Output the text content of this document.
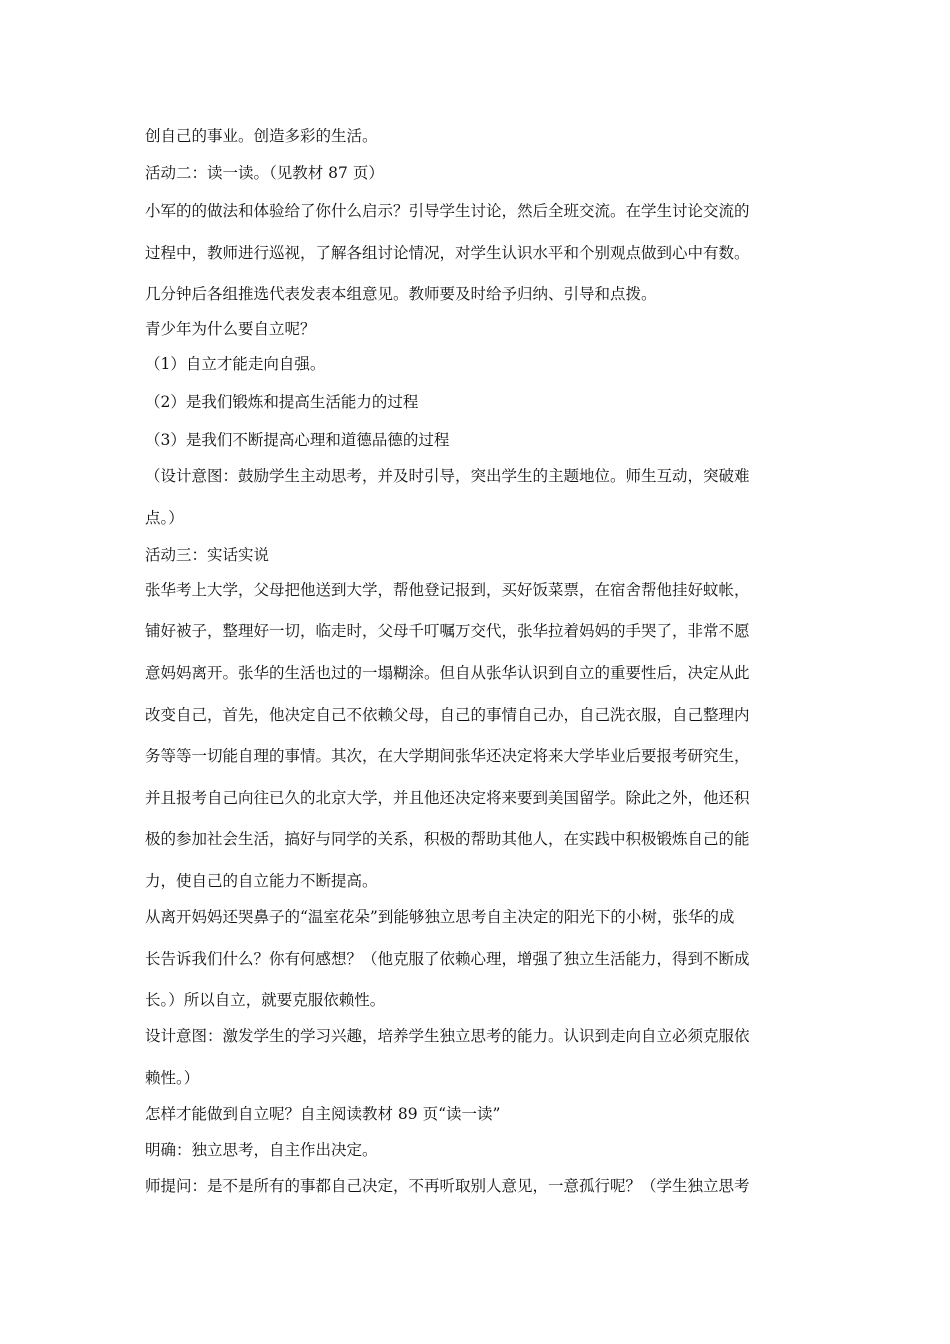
创自己的事业。创造多彩的生活。
活动二：读一读。（见教材 87 页）
小军的的做法和体验给了你什么启示？引导学生讨论，然后全班交流。在学生讨论交流的
过程中，教师进行巡视，了解各组讨论情况，对学生认识水平和个别观点做到心中有数。
几分钟后各组推选代表发表本组意见。教师要及时给予归纳、引导和点拨。
青少年为什么要自立呢？
（1）自立才能走向自强。
（2）是我们锻炼和提高生活能力的过程
（3）是我们不断提高心理和道德品德的过程
（设计意图：鼓励学生主动思考，并及时引导，突出学生的主题地位。师生互动，突破难
点。）
活动三：实话实说
张华考上大学，父母把他送到大学，帮他登记报到，买好饭菜票，在宿舍帮他挂好蚊帐，
铺好被子，整理好一切，临走时，父母千叮嘱万交代，张华拉着妈妈的手哭了，非常不愿
意妈妈离开。张华的生活也过的一塌糊涂。但自从张华认识到自立的重要性后，决定从此
改变自己，首先，他决定自己不依赖父母，自己的事情自己办，自己洗衣服，自己整理内
务等等一切能自理的事情。其次，在大学期间张华还决定将来大学毕业后要报考研究生，
并且报考自己向往已久的北京大学，并且他还决定将来要到美国留学。除此之外，他还积
极的参加社会生活，搞好与同学的关系，积极的帮助其他人，在实践中积极锻炼自己的能
力，使自己的自立能力不断提高。
从离开妈妈还哭鼻子的“温室花朵”到能够独立思考自主决定的阳光下的小树，张华的成
长告诉我们什么？你有何感想？（他克服了依赖心理，增强了独立生活能力，得到不断成
长。）所以自立，就要克服依赖性。
设计意图：激发学生的学习兴趣，培养学生独立思考的能力。认识到走向自立必须克服依
赖性。）
怎样才能做到自立呢？自主阅读教材 89 页“读一读”
明确：独立思考，自主作出决定。
师提问：是不是所有的事都自己决定，不再听取别人意见，一意孤行呢？（学生独立思考
